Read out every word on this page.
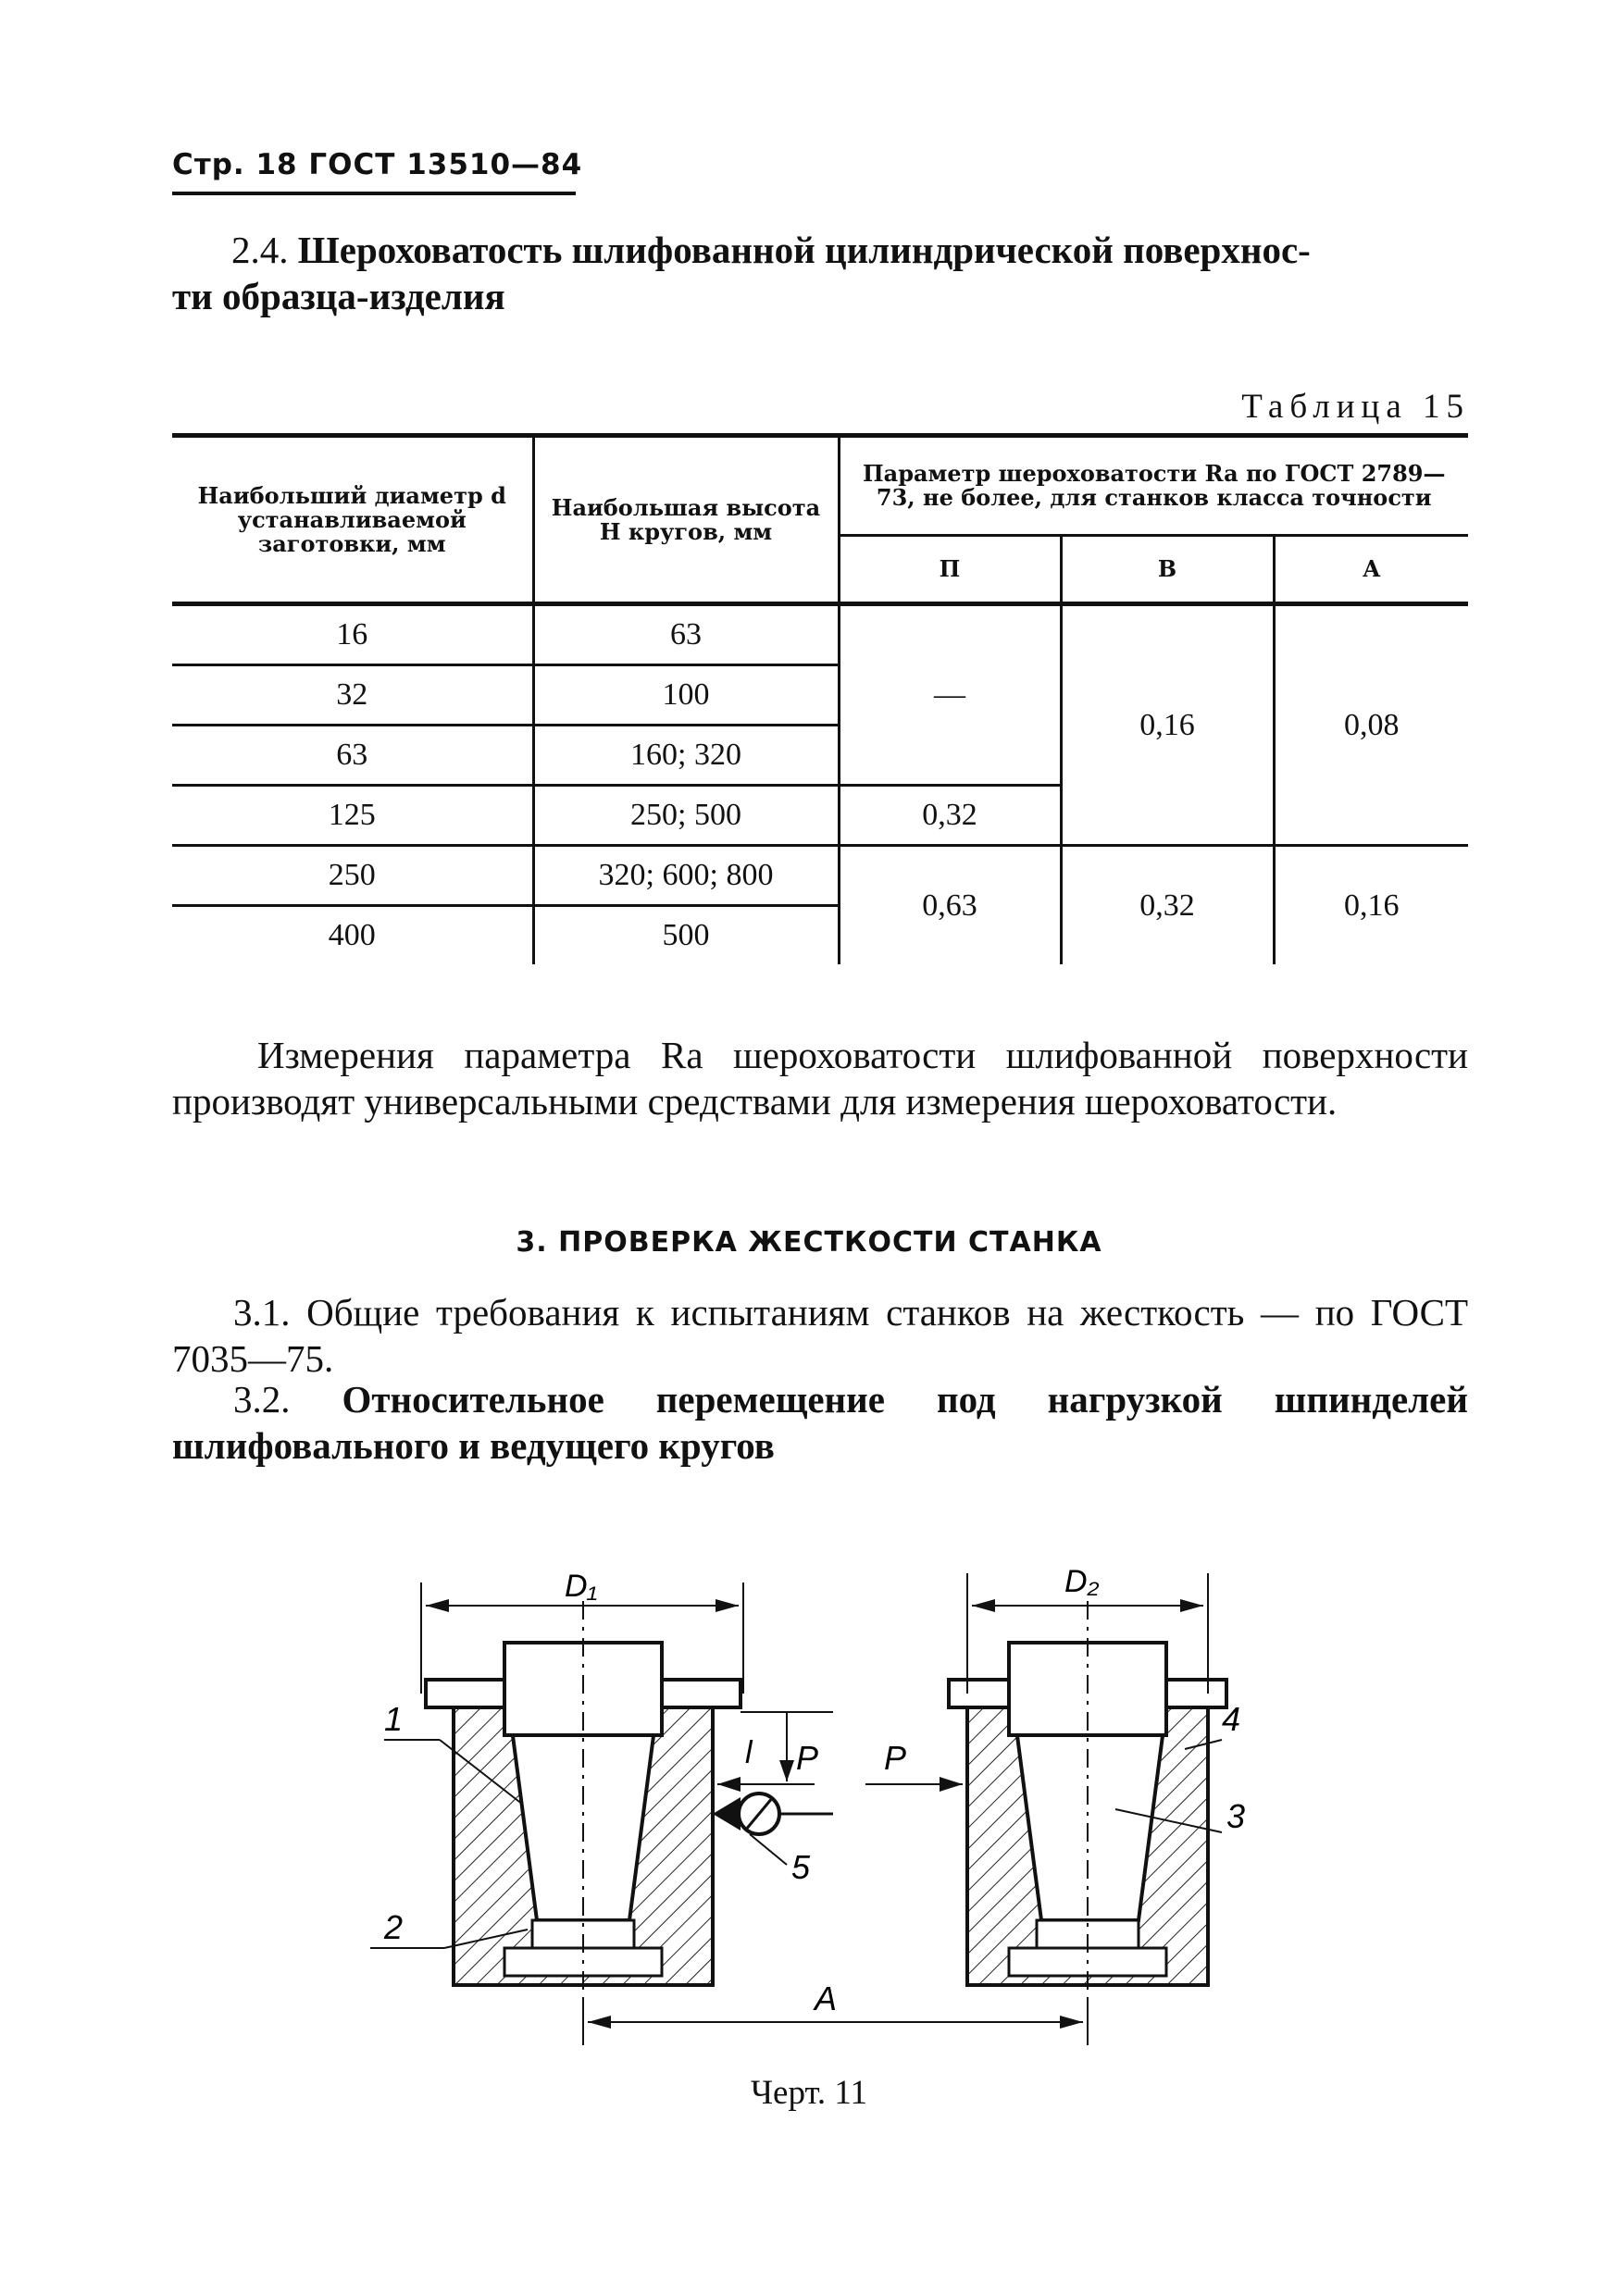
Стр. 18 ГОСТ 13510—84
2.4. Шероховатость шлифованной цилиндрической поверхнос-
ти образца-изделия
Таблица 15
Наибольший диаметр d устанавливаемой заготовки, мм	Наибольшая высота H кругов, мм	Параметр шероховатости Ra по ГОСТ 2789—73, не более, для станков класса точности		
		П	В	А
16	63	—	0,16	0,08
32	100			
63	160; 320			
125	250; 500	0,32		
250	320; 600; 800	0,63	0,32	0,16
400	500			
Измерения параметра Ra шероховатости шлифованной поверхности производят универсальными средствами для измерения шероховатости.
3. ПРОВЕРКА ЖЕСТКОСТИ СТАНКА
3.1. Общие требования к испытаниям станков на жесткость — по ГОСТ 7035—75.
3.2. Относительное перемещение под нагрузкой шпинделей шлифовального и ведущего кругов
D₁
l P
5
1
2
D₂
P
4
3
A
Черт. 11
